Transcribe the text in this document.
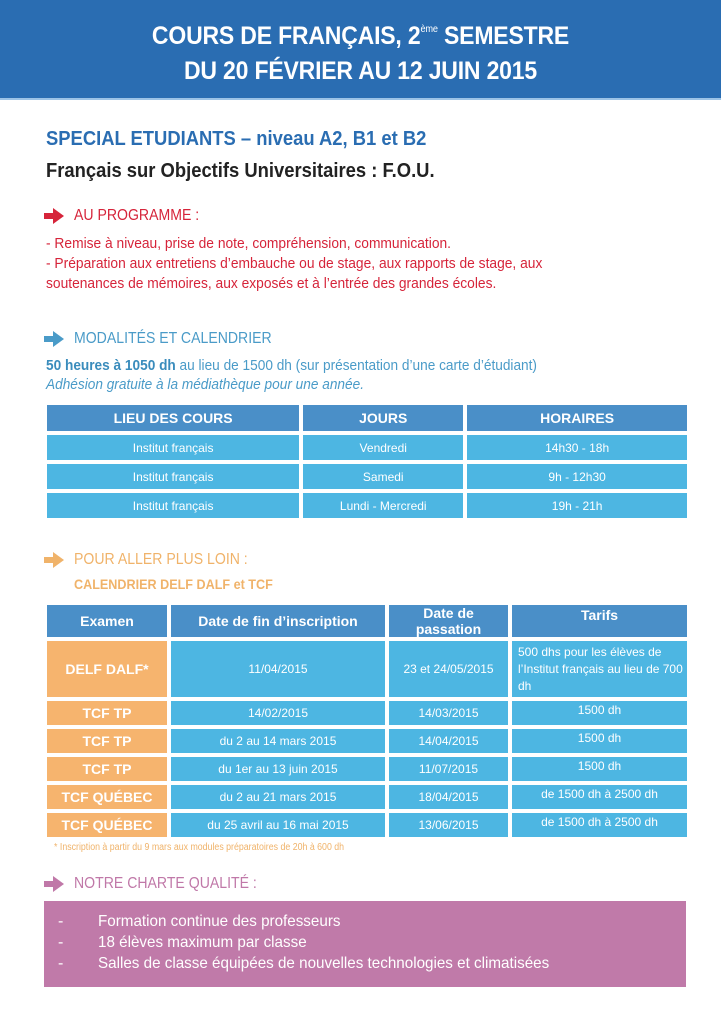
COURS DE FRANÇAIS, 2ème SEMESTRE
DU 20 FÉVRIER AU 12 JUIN 2015
SPECIAL ETUDIANTS – niveau A2, B1 et B2
Français sur Objectifs Universitaires : F.O.U.
AU PROGRAMME :
- Remise à niveau, prise de note, compréhension, communication.
- Préparation aux entretiens d’embauche ou de stage, aux rapports de stage, aux
soutenances de mémoires, aux exposés et à l’entrée des grandes écoles.
MODALITÉS ET CALENDRIER
50 heures à 1050 dh au lieu de 1500 dh (sur présentation d’une carte d’étudiant)
Adhésion gratuite à la médiathèque pour une année.
LIEU DES COURS	JOURS	HORAIRES
Institut français	Vendredi	14h30 - 18h
Institut français	Samedi	9h - 12h30
Institut français	Lundi - Mercredi	19h - 21h
POUR ALLER PLUS LOIN :
CALENDRIER DELF DALF et TCF
Examen	Date de fin d’inscription	Date de passation	Tarifs
DELF DALF*	11/04/2015	23 et 24/05/2015	500 dhs pour les élèves de l’Institut français au lieu de 700 dh
TCF TP	14/02/2015	14/03/2015	1500 dh
TCF TP	du 2 au 14 mars 2015	14/04/2015	1500 dh
TCF TP	du 1er au 13 juin 2015	11/07/2015	1500 dh
TCF QUÉBEC	du 2 au 21 mars 2015	18/04/2015	de 1500 dh à 2500 dh
TCF QUÉBEC	du 25 avril au 16 mai 2015	13/06/2015	de 1500 dh à 2500 dh
* Inscription à partir du 9 mars aux modules préparatoires de 20h à 600 dh
NOTRE CHARTE QUALITÉ :
-	Formation continue des professeurs
-	18 élèves maximum par classe
-	Salles de classe équipées de nouvelles technologies et climatisées
